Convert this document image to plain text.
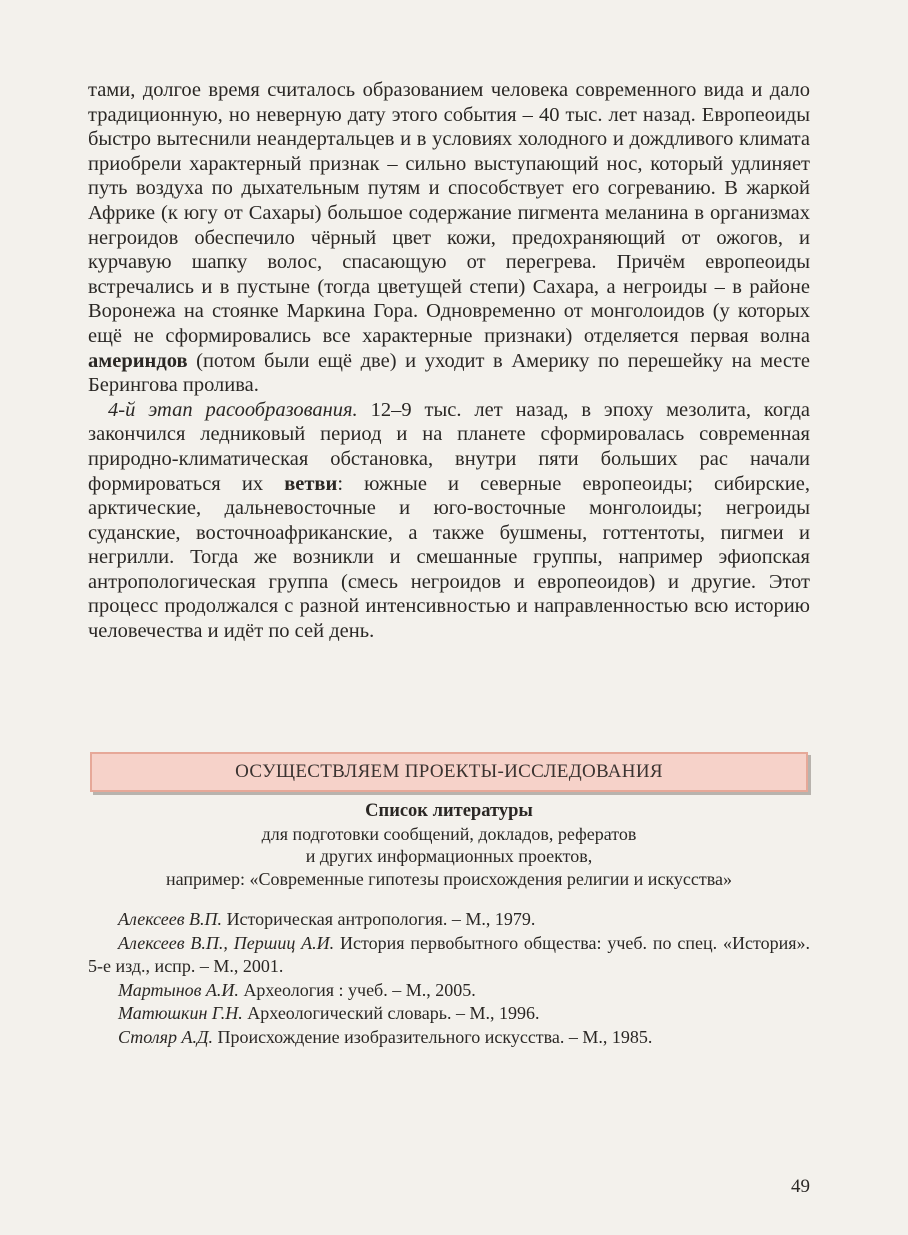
тами, долгое время считалось образованием человека современного вида и дало традиционную, но неверную дату этого события – 40 тыс. лет назад. Европеоиды быстро вытеснили неандертальцев и в условиях холодного и дождливого климата приобрели характерный признак – сильно выступающий нос, который удлиняет путь воздуха по дыхательным путям и способствует его согреванию. В жаркой Африке (к югу от Сахары) большое содержание пигмента меланина в организмах негроидов обеспечило чёрный цвет кожи, предохраняющий от ожогов, и курчавую шапку волос, спасающую от перегрева. Причём европеоиды встречались и в пустыне (тогда цветущей степи) Сахара, а негроиды – в районе Воронежа на стоянке Маркина Гора. Одновременно от монголоидов (у которых ещё не сформировались все характерные признаки) отделяется первая волна америндов (потом были ещё две) и уходит в Америку по перешейку на месте Берингова пролива.

4-й этап расообразования. 12–9 тыс. лет назад, в эпоху мезолита, когда закончился ледниковый период и на планете сформировалась современная природно-климатическая обстановка, внутри пяти больших рас начали формироваться их ветви: южные и северные европеоиды; сибирские, арктические, дальневосточные и юго-восточные монголоиды; негроиды суданские, восточноафриканские, а также бушмены, готтентоты, пигмеи и негрилли. Тогда же возникли и смешанные группы, например эфиопская антропологическая группа (смесь негроидов и европеоидов) и другие. Этот процесс продолжался с разной интенсивностью и направленностью всю историю человечества и идёт по сей день.

ОСУЩЕСТВЛЯЕМ ПРОЕКТЫ-ИССЛЕДОВАНИЯ
Список литературы
для подготовки сообщений, докладов, рефератов
и других информационных проектов,
например: «Современные гипотезы происхождения религии и искусства»

Алексеев В.П. Историческая антропология. – М., 1979.

Алексеев В.П., Першиц А.И. История первобытного общества: учеб. по спец. «История». 5-е изд., испр. – М., 2001.

Мартынов А.И. Археология : учеб. – М., 2005.

Матюшкин Г.Н. Археологический словарь. – М., 1996.

Столяр А.Д. Происхождение изобразительного искусства. – М., 1985.

49
